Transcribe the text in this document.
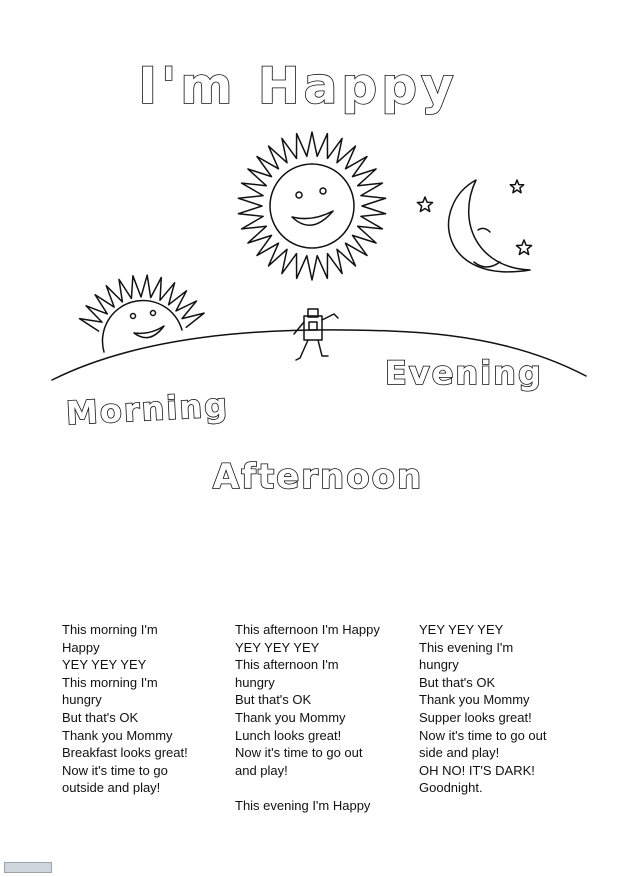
I'm Happy
Morning
Evening
Afternoon
This morning I'm
Happy
YEY YEY YEY
This morning I'm
hungry
But that's OK
Thank you Mommy
Breakfast looks great!
Now it's time to go
outside and play!
This afternoon I'm Happy
YEY YEY YEY
This afternoon I'm
hungry
But that's OK
Thank you Mommy
Lunch looks great!
Now it's time to go out
and play!
This evening I'm Happy
YEY YEY YEY
This evening I'm
hungry
But that's OK
Thank you Mommy
Supper looks great!
Now it's time to go out
side and play!
OH NO! IT'S DARK!
Goodnight.
